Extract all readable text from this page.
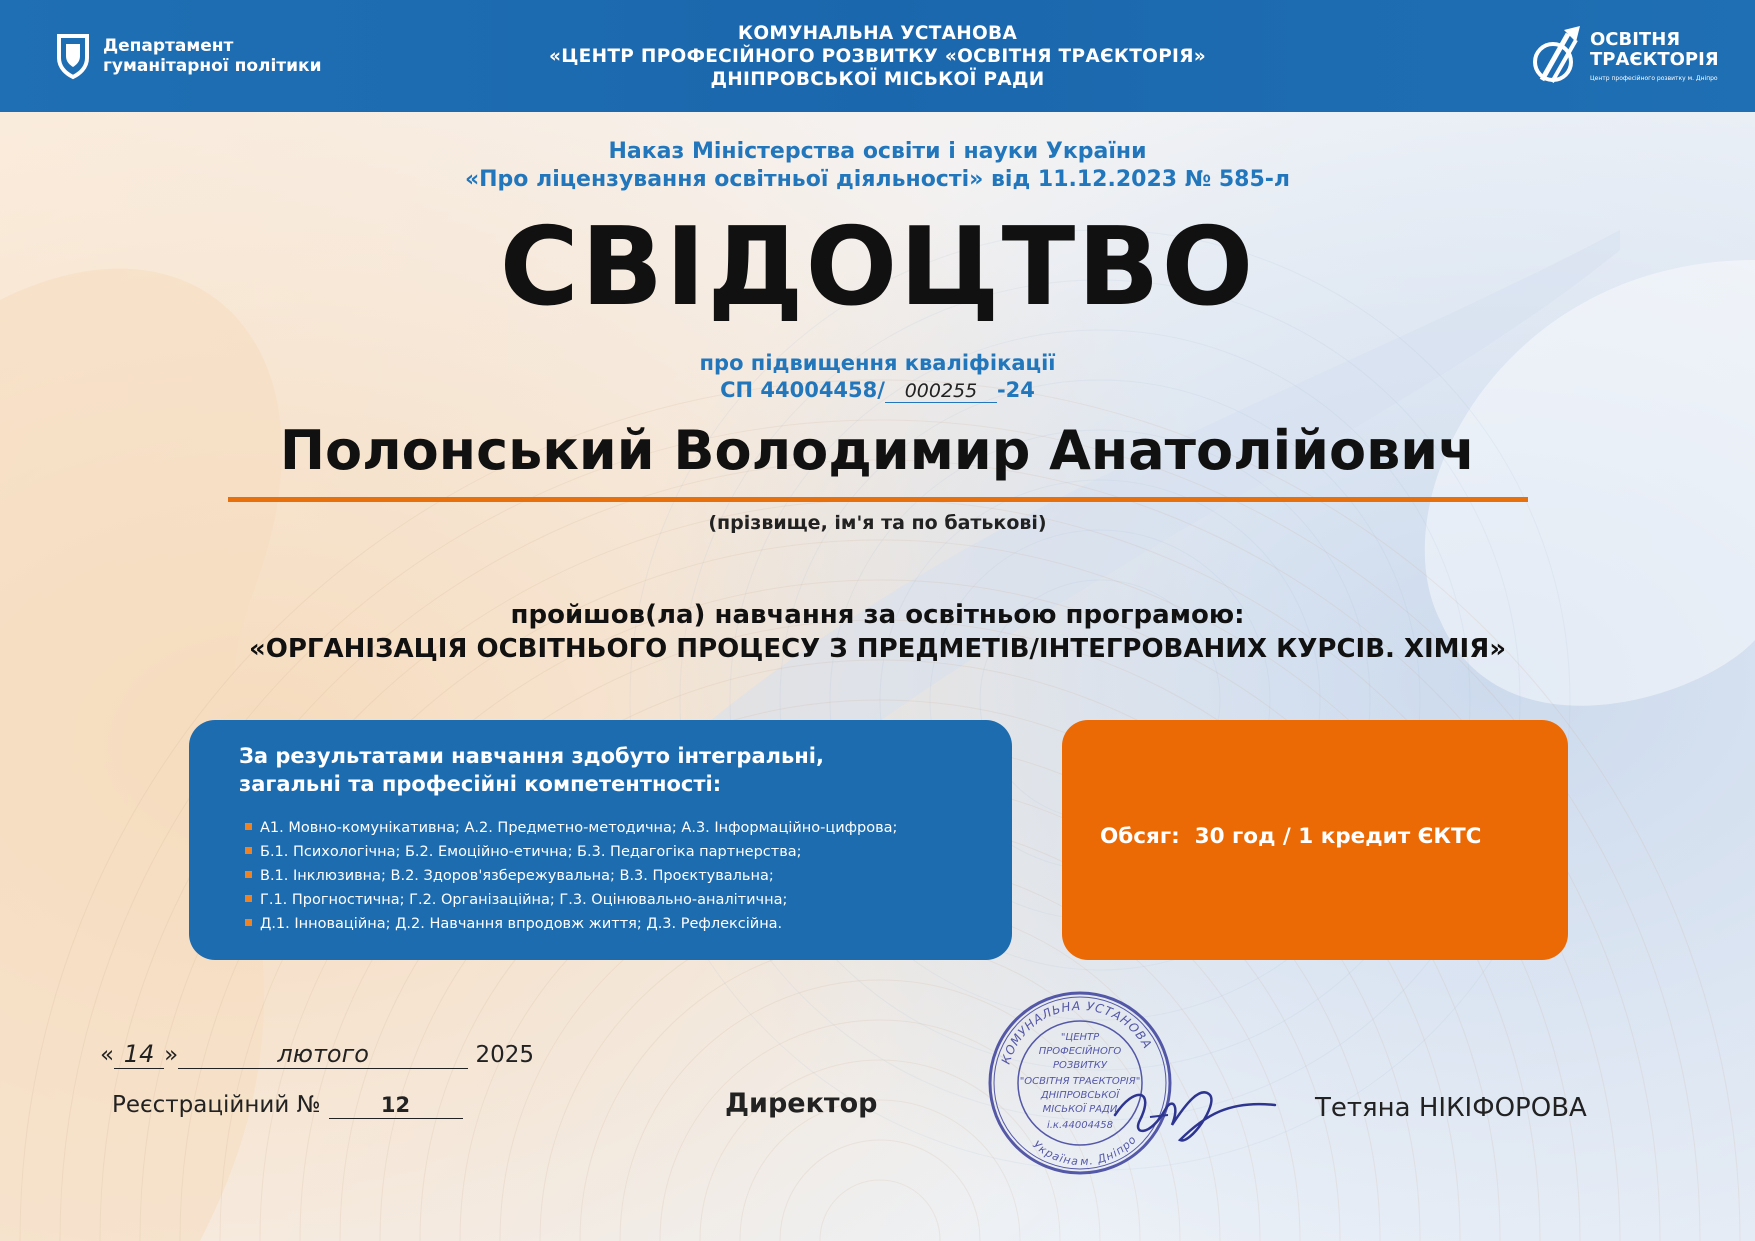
Департамент
гуманітарної політики
КОМУНАЛЬНА УСТАНОВА
«ЦЕНТР ПРОФЕСІЙНОГО РОЗВИТКУ «ОСВІТНЯ ТРАЄКТОРІЯ»
ДНІПРОВСЬКОЇ МІСЬКОЇ РАДИ
ОСВІТНЯ
ТРАЄКТОРІЯ
Центр професійного розвитку м. Дніпро
Наказ Міністерства освіти і науки України
«Про ліцензування освітньої діяльності» від 11.12.2023 № 585-л
СВІДОЦТВО
про підвищення кваліфікації
СП 44004458/ 000255 -24
Полонський Володимир Анатолійович
(прізвище, ім'я та по батькові)
пройшов(ла) навчання за освітньою програмою:
«ОРГАНІЗАЦІЯ ОСВІТНЬОГО ПРОЦЕСУ З ПРЕДМЕТІВ/ІНТЕГРОВАНИХ КУРСІВ. ХІМІЯ»
За результатами навчання здобуто інтегральні,
загальні та професійні компетентності:
А1. Мовно-комунікативна; А.2. Предметно-методична; А.3. Інформаційно-цифрова;
Б.1. Психологічна; Б.2. Емоційно-етична; Б.3. Педагогіка партнерства;
В.1. Інклюзивна; В.2. Здоров'язбережувальна; В.3. Проєктувальна;
Г.1. Прогностична; Г.2. Організаційна; Г.3. Оцінювально-аналітична;
Д.1. Інноваційна; Д.2. Навчання впродовж життя; Д.3. Рефлексійна.
Обсяг: 30 год / 1 кредит ЄКТС
« 14 »	лютого	2025
Реєстраційний №	12	Директор
КОМУНАЛЬНА УСТАНОВА
м. Дніпро
Україна
"ЦЕНТР
ПРОФЕСІЙНОГО
РОЗВИТКУ
"ОСВІТНЯ ТРАЄКТОРІЯ"
ДНІПРОВСЬКОЇ
МІСЬКОЇ РАДИ
і.к.44004458
Тетяна НІКІФОРОВА
